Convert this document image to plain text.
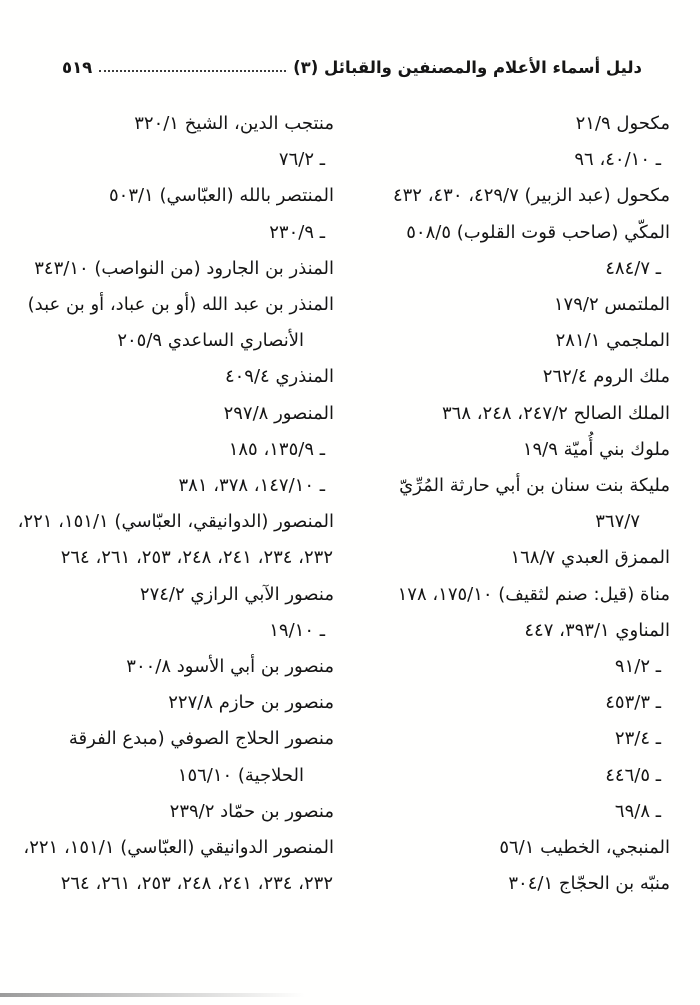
دليل أسماء الأعلام والمصنفين والقبائل (٣)
٥١٩
مكحول ٢١/٩
ـ ٤٠/١٠، ٩٦
مكحول (عبد الزبير) ٤٢٩/٧، ٤٣٠، ٤٣٢
المكّي (صاحب قوت القلوب) ٥٠٨/٥
ـ ٤٨٤/٧
الملتمس ١٧٩/٢
الملجمي ٢٨١/١
ملك الروم ٢٦٢/٤
الملك الصالح ٢٤٧/٢، ٢٤٨، ٣٦٨
ملوك بني أُميّة ١٩/٩
مليكة بنت سنان بن أبي حارثة المُرِّيّ
٣٦٧/٧
الممزق العبدي ١٦٨/٧
مناة (قيل: صنم لثقيف) ١٧٥/١٠، ١٧٨
المناوي ٣٩٣/١، ٤٤٧
ـ ٩١/٢
ـ ٤٥٣/٣
ـ ٢٣/٤
ـ ٤٤٦/٥
ـ ٦٩/٨
المنبجي، الخطيب ٥٦/١
منبّه بن الحجّاج ٣٠٤/١
منتجب الدين، الشيخ ٣٢٠/١
ـ ٧٦/٢
المنتصر بالله (العبّاسي) ٥٠٣/١
ـ ٢٣٠/٩
المنذر بن الجارود (من النواصب) ٣٤٣/١٠
المنذر بن عبد الله (أو بن عباد، أو بن عبد)
الأنصاري الساعدي ٢٠٥/٩
المنذري ٤٠٩/٤
المنصور ٢٩٧/٨
ـ ١٣٥/٩، ١٨٥
ـ ١٤٧/١٠، ٣٧٨، ٣٨١
المنصور (الدوانيقي، العبّاسي) ١٥١/١، ٢٢١،
٢٣٢، ٢٣٤، ٢٤١، ٢٤٨، ٢٥٣، ٢٦١، ٢٦٤
منصور الآبي الرازي ٢٧٤/٢
ـ ١٩/١٠
منصور بن أبي الأسود ٣٠٠/٨
منصور بن حازم ٢٢٧/٨
منصور الحلاج الصوفي (مبدع الفرقة
الحلاجية) ١٥٦/١٠
منصور بن حمّاد ٢٣٩/٢
المنصور الدوانيقي (العبّاسي) ١٥١/١، ٢٢١،
٢٣٢، ٢٣٤، ٢٤١، ٢٤٨، ٢٥٣، ٢٦١، ٢٦٤
